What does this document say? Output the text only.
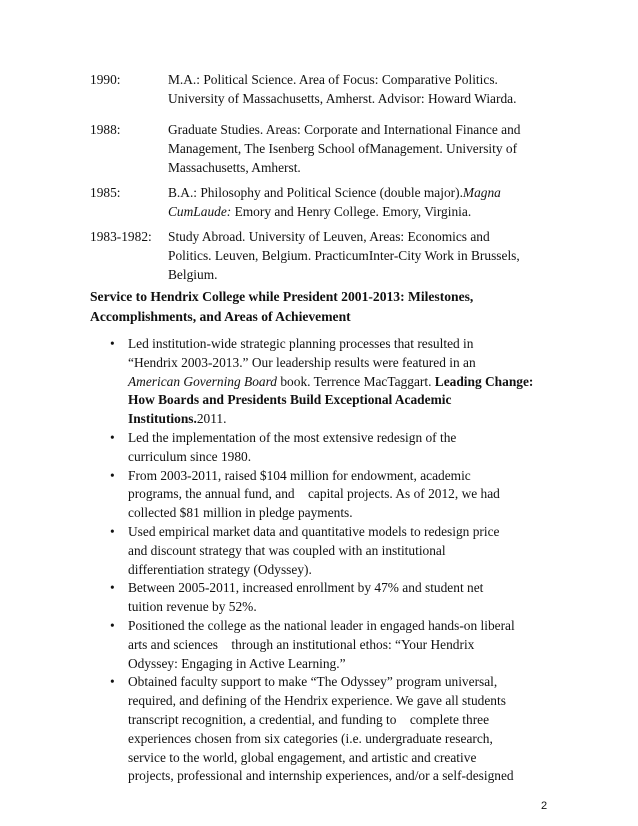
1990:	M.A.: Political Science. Area of Focus: Comparative Politics.
University of Massachusetts, Amherst. Advisor: Howard Wiarda.
1988:	Graduate Studies. Areas: Corporate and International Finance and
Management, The Isenberg School ofManagement. University of
Massachusetts, Amherst.
1985:	B.A.: Philosophy and Political Science (double major).Magna
CumLaude: Emory and Henry College. Emory, Virginia.
1983-1982: Study Abroad. University of Leuven, Areas: Economics and
Politics. Leuven, Belgium. PracticumInter-City Work in Brussels,
Belgium.
Service to Hendrix College while President 2001-2013: Milestones,
Accomplishments, and Areas of Achievement
• Led institution-wide strategic planning processes that resulted in
“Hendrix 2003-2013.” Our leadership results were featured in an
American Governing Board book. Terrence MacTaggart. Leading Change:
How Boards and Presidents Build Exceptional Academic
Institutions.2011.
• Led the implementation of the most extensive redesign of the
curriculum since 1980.
• From 2003-2011, raised $104 million for endowment, academic
programs, the annual fund, and    capital projects. As of 2012, we had
collected $81 million in pledge payments.
• Used empirical market data and quantitative models to redesign price
and discount strategy that was coupled with an institutional
differentiation strategy (Odyssey).
• Between 2005-2011, increased enrollment by 47% and student net
tuition revenue by 52%.
• Positioned the college as the national leader in engaged hands-on liberal
arts and sciences    through an institutional ethos: “Your Hendrix
Odyssey: Engaging in Active Learning.”
• Obtained faculty support to make “The Odyssey” program universal,
required, and defining of the Hendrix experience. We gave all students
transcript recognition, a credential, and funding to    complete three
experiences chosen from six categories (i.e. undergraduate research,
service to the world, global engagement, and artistic and creative
projects, professional and internship experiences, and/or a self-designed
2
